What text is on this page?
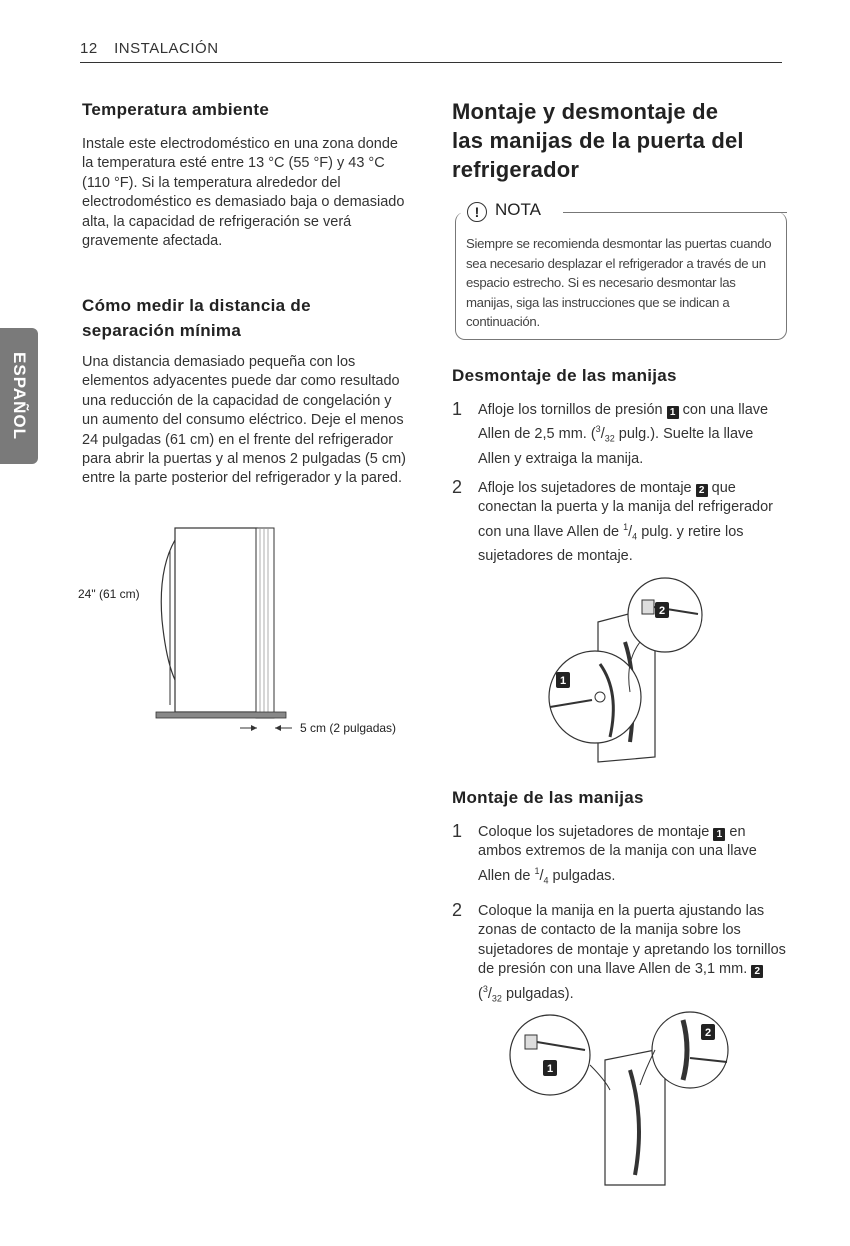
12 INSTALACIÓN
ESPAÑOL
Temperatura ambiente

Instale este electrodoméstico en una zona donde la temperatura esté entre 13 °C (55 °F) y 43 °C (110 °F). Si la temperatura alrededor del electrodoméstico es demasiado baja o demasiado alta, la capacidad de refrigeración se verá gravemente afectada.

Cómo medir la distancia de
separación mínima

Una distancia demasiado pequeña con los elementos adyacentes puede dar como resultado una reducción de la capacidad de congelación y un aumento del consumo eléctrico. Deje el menos 24 pulgadas (61 cm) en el frente del refrigerador para abrir la puertas y al menos 2 pulgadas (5 cm) entre la parte posterior del refrigerador y la pared.

24" (61 cm)
5 cm (2 pulgadas)

Montaje y desmontaje de

las manijas de la puerta del

refrigerador

! NOTA
Siempre se recomienda desmontar las puertas cuando sea necesario desplazar el refrigerador a través de un espacio estrecho. Si es necesario desmontar las manijas, siga las instrucciones que se indican a continuación.
Desmontaje de las manijas
1 Afloje los tornillos de presión 1 con una llave Allen de 2,5 mm. ($^3/_{32}$ pulg.). Suelte la llave Allen y extraiga la manija.
2 Afloje los sujetadores de montaje 2 que conectan la puerta y la manija del refrigerador con una llave Allen de $^1/_4$ pulg. y retire los sujetadores de montaje.
2
1
Montaje de las manijas
1 Coloque los sujetadores de montaje 1 en ambos extremos de la manija con una llave Allen de $^1/_4$ pulgadas.
2 Coloque la manija en la puerta ajustando las zonas de contacto de la manija sobre los sujetadores de montaje y apretando los tornillos de presión con una llave Allen de 3,1 mm. 2 ($^3/_{32}$ pulgadas).
1
2
